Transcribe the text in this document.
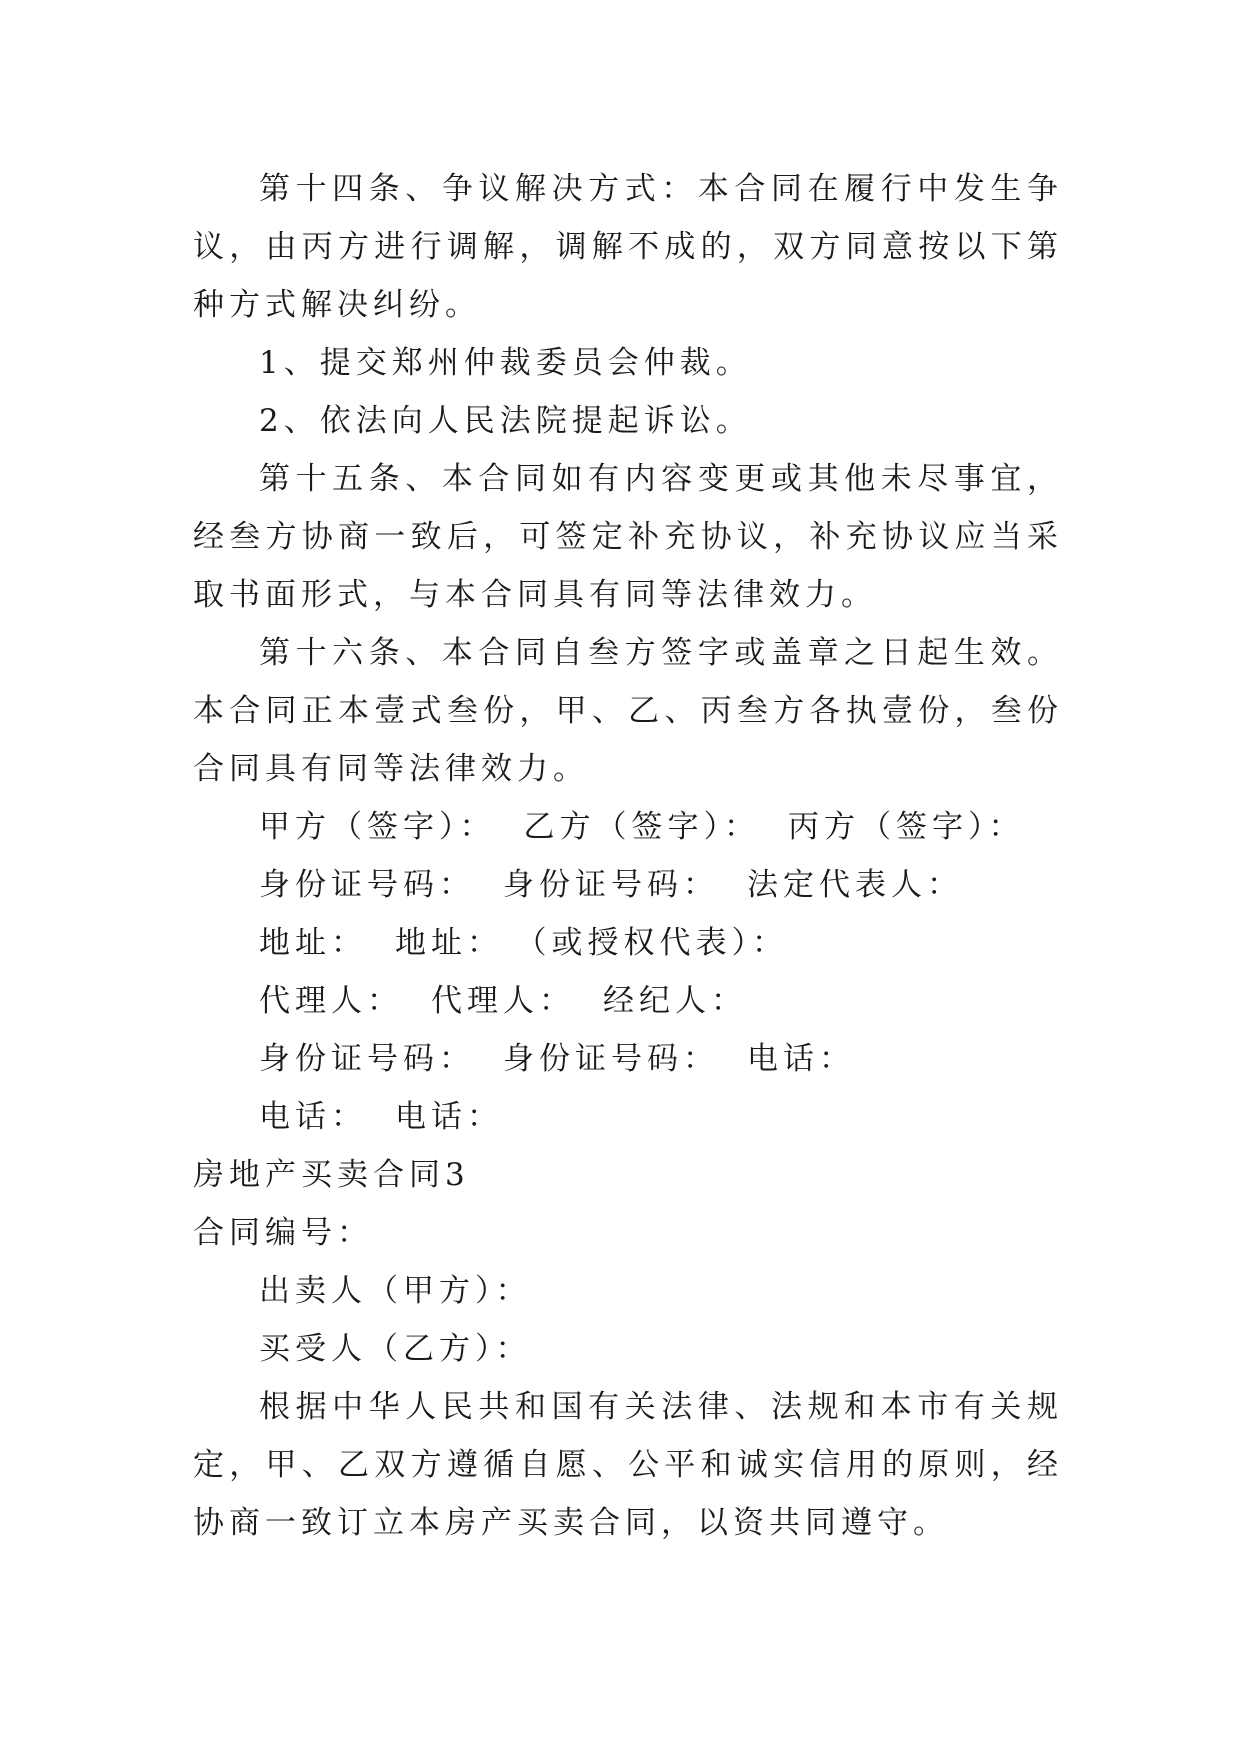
第十四条、争议解决方式：本合同在履行中发生争议，由丙方进行调解，调解不成的，双方同意按以下第 种方式解决纠纷。

1、提交郑州仲裁委员会仲裁。

2、依法向人民法院提起诉讼。

第十五条、本合同如有内容变更或其他未尽事宜，经叁方协商一致后，可签定补充协议，补充协议应当采取书面形式，与本合同具有同等法律效力。

第十六条、本合同自叁方签字或盖章之日起生效。本合同正本壹式叁份，甲、乙、丙叁方各执壹份，叁份合同具有同等法律效力。

甲方（签字）： 乙方（签字）： 丙方（签字）：

身份证号码： 身份证号码： 法定代表人：

地址： 地址： （或授权代表）：

代理人： 代理人： 经纪人：

身份证号码： 身份证号码： 电话：

电话： 电话：

房地产买卖合同3

合同编号：

出卖人（甲方）：

买受人（乙方）：

根据中华人民共和国有关法律、法规和本市有关规定，甲、乙双方遵循自愿、公平和诚实信用的原则，经协商一致订立本房产买卖合同，以资共同遵守。
